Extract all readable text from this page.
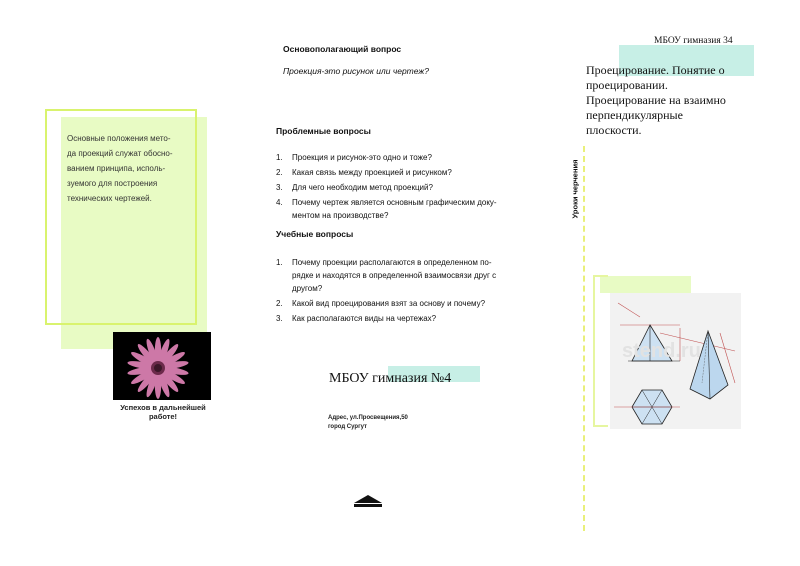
Основные положения мето-
да проекций служат обосно-
ванием принципа, исполь-
зуемого для построения
технических чертежей.
Успехов в дальнейшей работе!
Основополагающий вопрос
Проекция-это рисунок или чертеж?
Проблемные вопросы
1. Проекция и рисунок-это одно и тоже?
2. Какая связь между проекцией и рисунком?
3. Для чего необходим метод проекций?
4. Почему чертеж является основным графическим доку-
ментом на производстве?
Учебные вопросы
1. Почему проекции располагаются в определенном по-
рядке и находятся в определенной взаимосвязи друг с
другом?
2. Какой вид проецирования взят за основу и почему?
3. Как располагаются виды на чертежах?
МБОУ гимназия №4
Адрес, ул.Просвещения,50
город Сургут
Уроки черчения
МБОУ гимназия 34
Проецирование. Понятие о
проецировании.
Проецирование на взаимно
перпендикулярные
плоскости.
stend.ru
